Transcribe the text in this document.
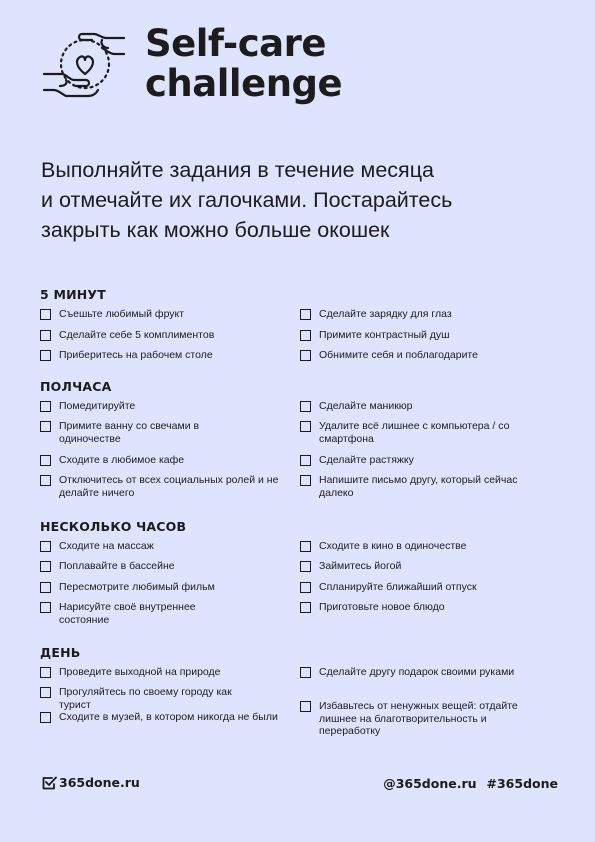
Self-care
challenge
Выполняйте задания в течение месяца
и отмечайте их галочками. Постарайтесь
закрыть как можно больше окошек
5 МИНУТ
Съешьте любимый фрукт
Сделайте себе 5 комплиментов
Приберитесь на рабочем столе
Сделайте зарядку для глаз
Примите контрастный душ
Обнимите себя и поблагодарите
ПОЛЧАСА
Помедитируйте
Примите ванну со свечами в одиночестве
Сходите в любимое кафе
Отключитесь от всех социальных ролей и не делайте ничего
Сделайте маникюр
Удалите всё лишнее с компьютера / со смартфона
Сделайте растяжку
Напишите письмо другу, который сейчас далеко
НЕСКОЛЬКО ЧАСОВ
Сходите на массаж
Поплавайте в бассейне
Пересмотрите любимый фильм
Нарисуйте своё внутреннее состояние
Сходите в кино в одиночестве
Займитесь йогой
Спланируйте ближайший отпуск
Приготовьте новое блюдо
ДЕНЬ
Проведите выходной на природе
Прогуляйтесь по своему городу как турист
Сходите в музей, в котором никогда не были
Сделайте другу подарок своими руками
Избавьтесь от ненужных вещей: отдайте лишнее на благотворительность и переработку
365done.ru	@365done.ru #365done
